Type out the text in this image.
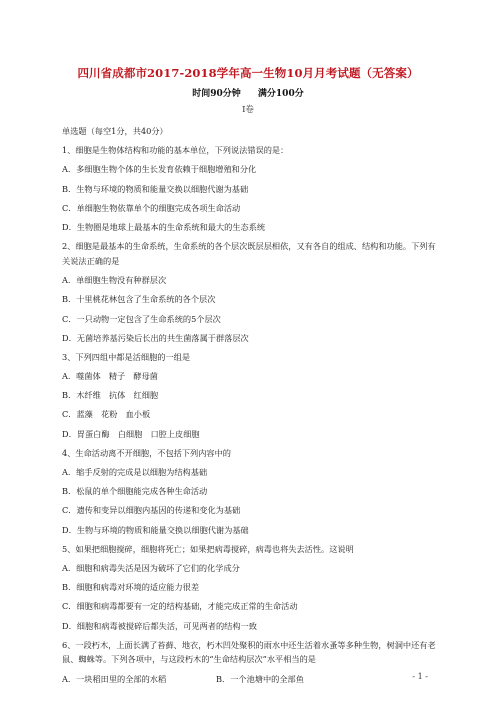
四川省成都市2017-2018学年高一生物10月月考试题（无答案）
时间90分钟 满分100分
I卷
单选题（每空1分，共40分）
1、细胞是生物体结构和功能的基本单位，下列说法错误的是：
A．多细胞生物个体的生长发育依赖于细胞增殖和分化
B．生物与环境的物质和能量交换以细胞代谢为基础
C．单细胞生物依靠单个的细胞完成各项生命活动
D．生物圈是地球上最基本的生命系统和最大的生态系统
2、细胞是最基本的生命系统，生命系统的各个层次既层层相依，又有各自的组成、结构和功能。下列有关说法正确的是
A．单细胞生物没有种群层次
B．十里桃花林包含了生命系统的各个层次
C．一只动物一定包含了生命系统的5个层次
D．无菌培养基污染后长出的共生菌落属于群落层次
3、下列四组中都是活细胞的一组是
A．噬菌体　精子　酵母菌
B．木纤维　抗体　红细胞
C．蓝藻　花粉　血小板
D．胃蛋白酶　白细胞　口腔上皮细胞
4、生命活动离不开细胞，不包括下列内容中的
A．缩手反射的完成是以细胞为结构基础
B．松鼠的单个细胞能完成各种生命活动
C．遗传和变异以细胞内基因的传递和变化为基础
D．生物与环境的物质和能量交换以细胞代谢为基础
5、如果把细胞搅碎，细胞将死亡；如果把病毒搅碎，病毒也将失去活性。这说明
A．细胞和病毒失活是因为破坏了它们的化学成分
B．细胞和病毒对环境的适应能力很差
C．细胞和病毒都要有一定的结构基础，才能完成正常的生命活动
D．细胞和病毒被搅碎后都失活，可见两者的结构一致
6、一段朽木，上面长满了苔藓、地衣，朽木凹处聚积的雨水中还生活着水蚤等多种生物，树洞中还有老鼠、蜘蛛等。下列各项中，与这段朽木的“生命结构层次”水平相当的是
A．一块稻田里的全部的水稻	B．一个池塘中的全部鱼	- 1 -
